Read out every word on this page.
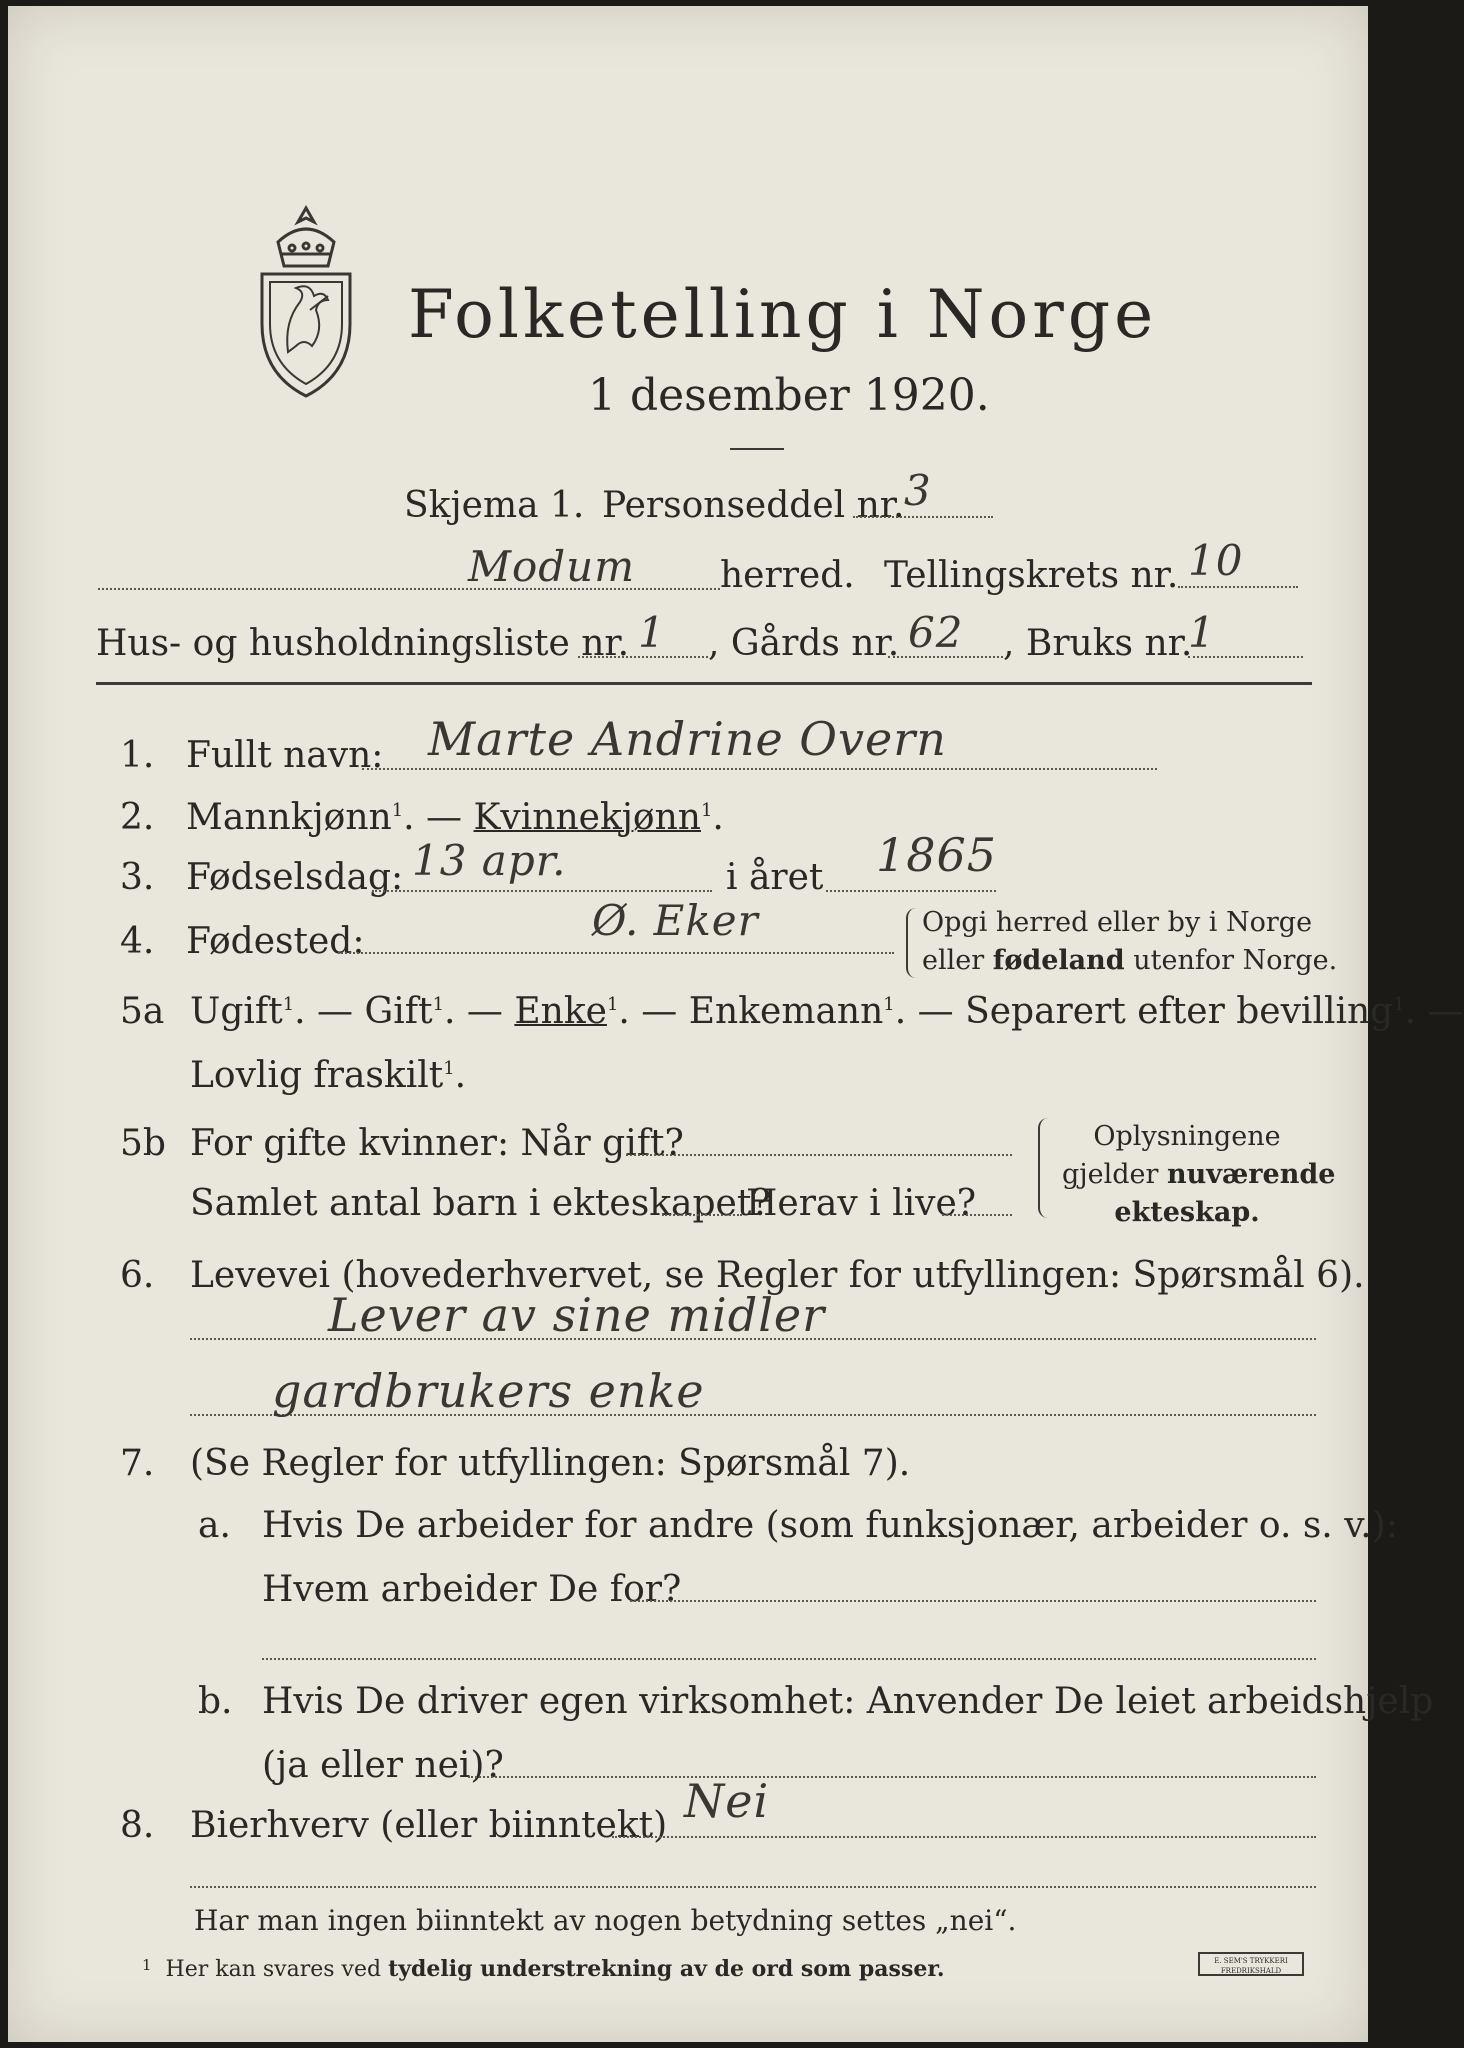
Folketelling i Norge
1 desember 1920.
Skjema 1. Personseddel nr. 3
Modum herred. Tellingskrets nr. 10
Hus- og husholdningsliste nr. 1 , Gårds nr. 62 , Bruks nr.
1
1. Fullt navn: Marte Andrine Overn
2. Mannkjønn$^1$. — Kvinnekjønn$^1$.
3. Fødselsdag: 13 apr.	i året 1865
4. Fødested:	Ø. Eker	Opgi herred eller by i Norge
eller fødeland utenfor Norge.
5a Ugift$^1$. — Gift$^1$. — Enke$^1$. — Enkemann$^1$. — Separert efter bevilling$^1$. —
Lovlig fraskilt$^1$.
5b For gifte kvinner: Når gift?
Samlet antal barn i ekteskapet?
Herav i live?
Oplysningene
gjelder nuværende
ekteskap.
6. Levevei (hovederhvervet, se Regler for utfyllingen: Spørsmål 6).
Lever av sine midler
gardbrukers enke
7. (Se Regler for utfyllingen: Spørsmål 7).
a. Hvis De arbeider for andre (som funksjonær, arbeider o. s. v.):
Hvem arbeider De for?
b. Hvis De driver egen virksomhet: Anvender De leiet arbeidshjelp
(ja eller nei)?
8. Bierhverv (eller biinntekt) Nei
Har man ingen biinntekt av nogen betydning settes „nei“.
$^1$ Her kan svares ved tydelig understrekning av de ord som passer.	E. SEM'S TRYKKERI FREDRIKSHALD
